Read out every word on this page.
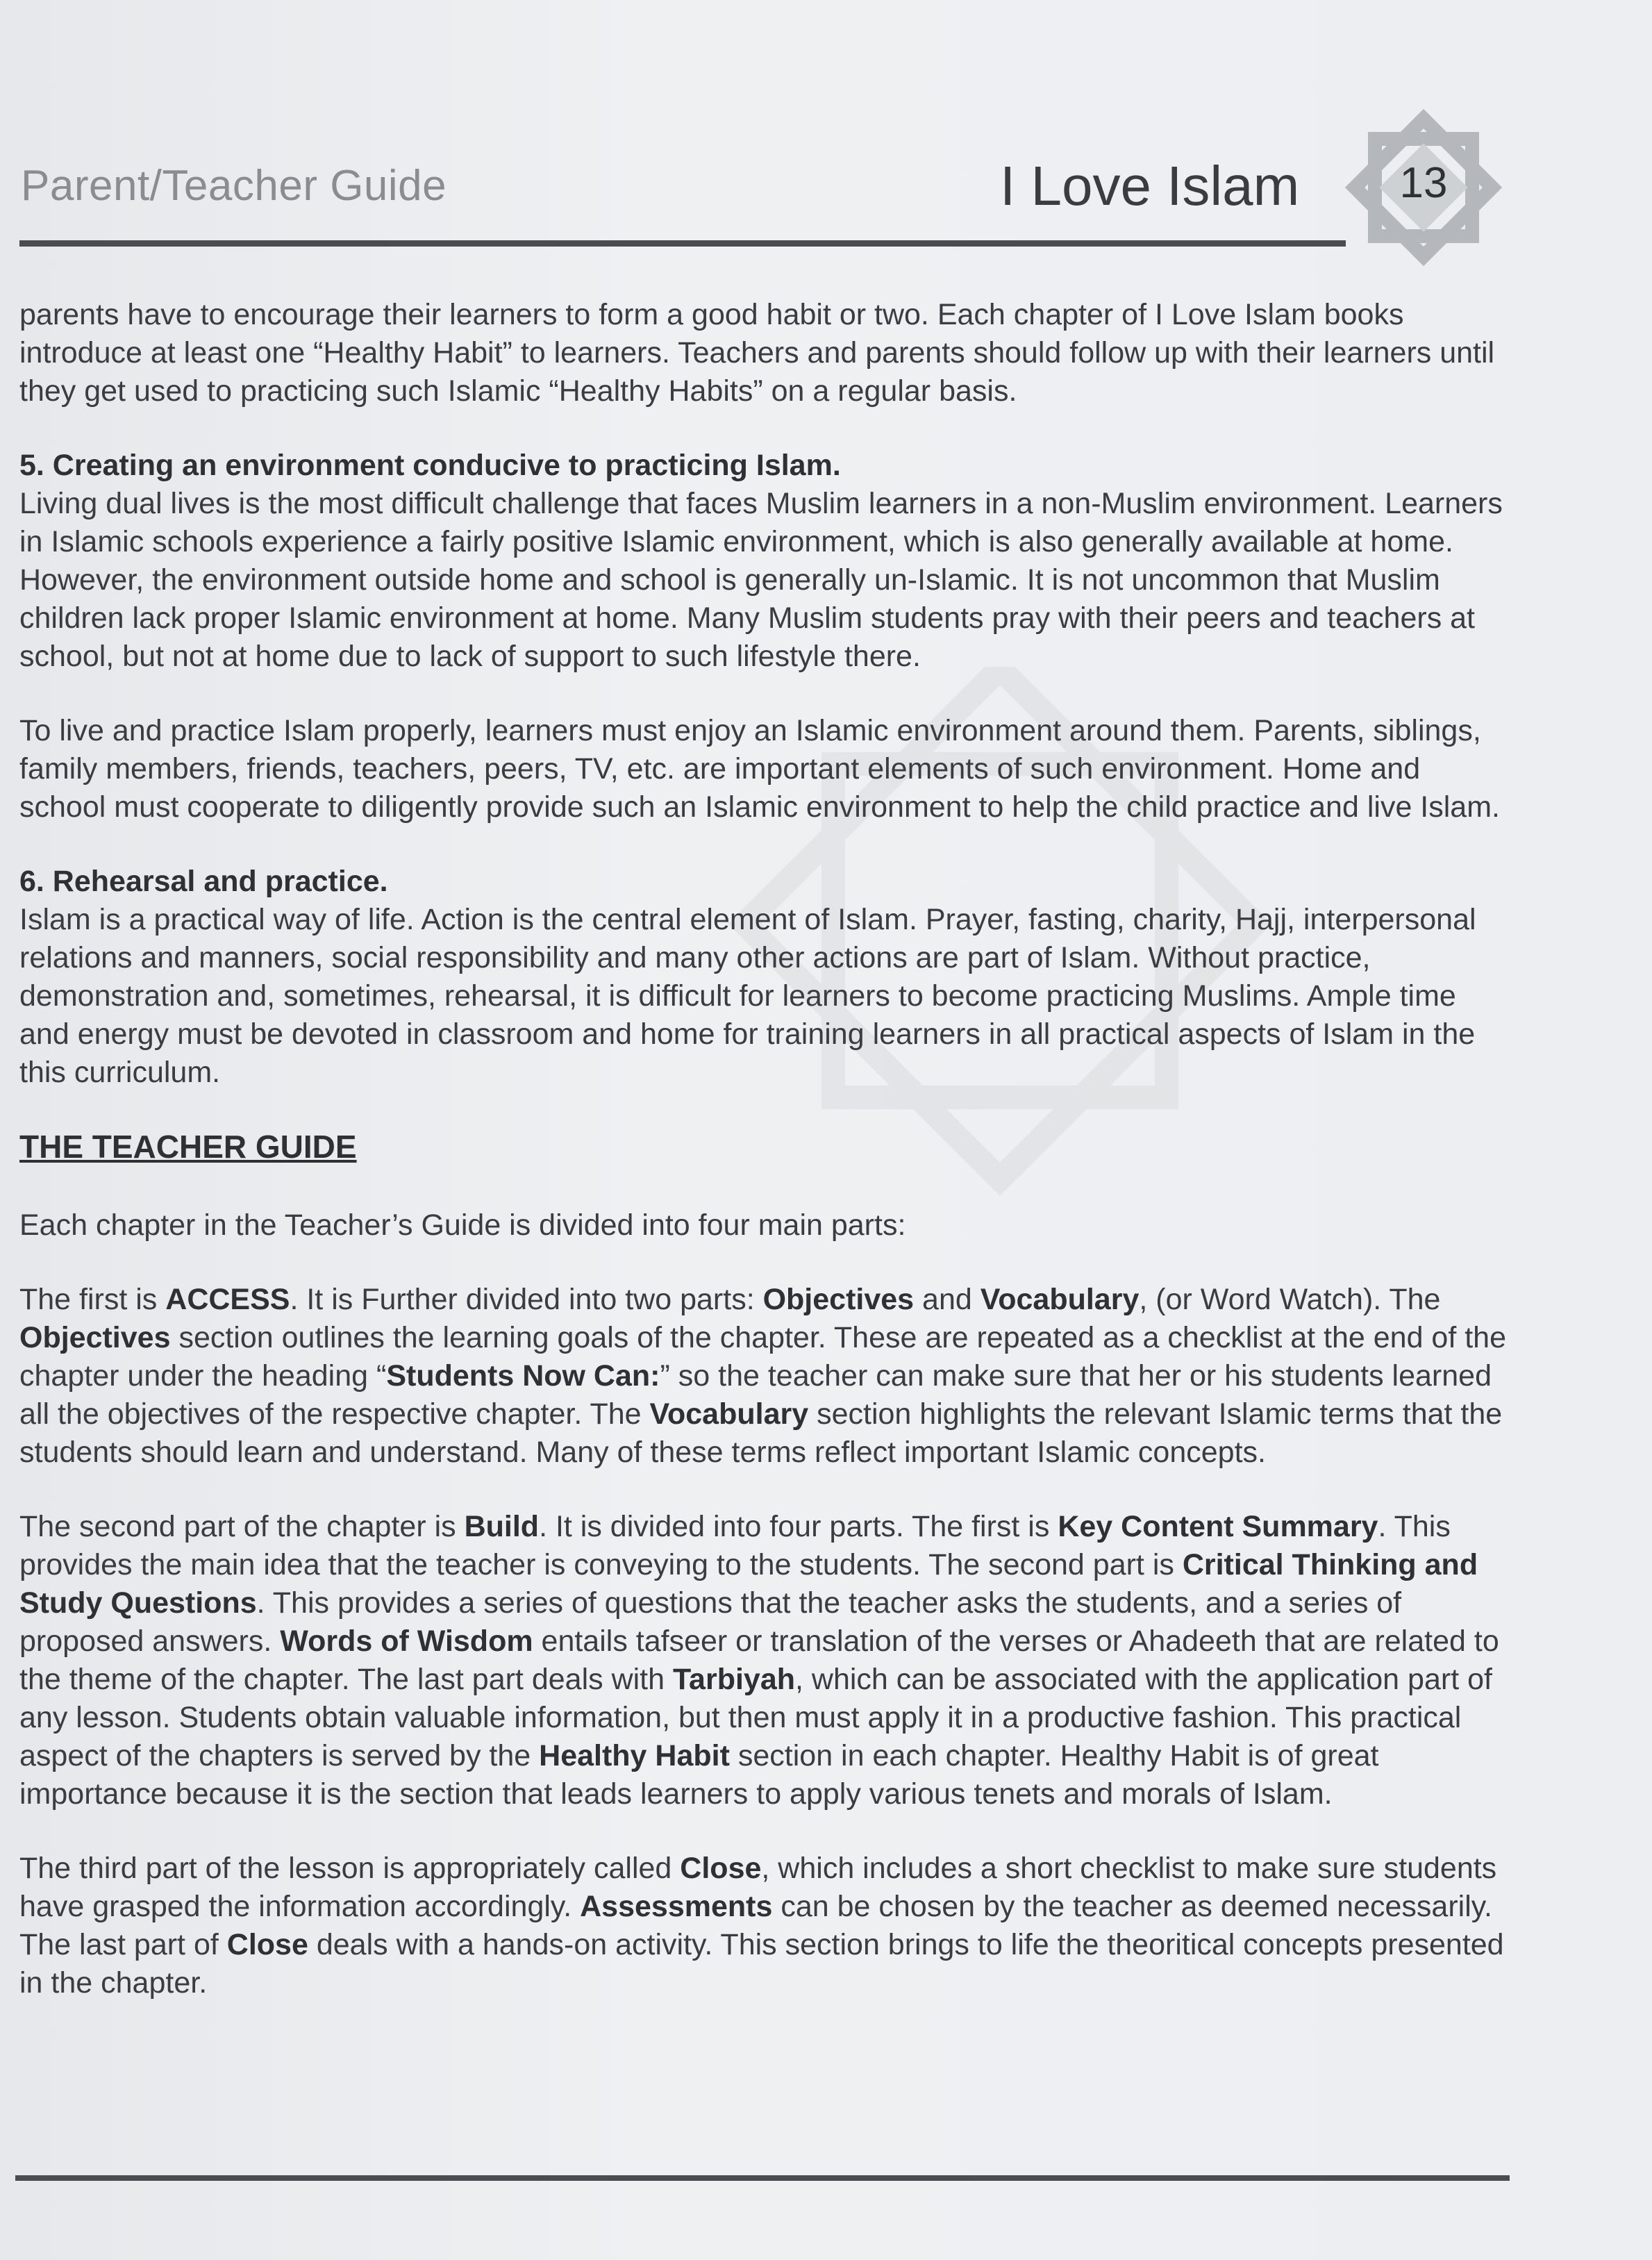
Parent/Teacher Guide	I Love Islam 13

parents have to encourage their learners to form a good habit or two. Each chapter of I Love Islam books introduce at least one “Healthy Habit” to learners. Teachers and parents should follow up with their learners until they get used to practicing such Islamic “Healthy Habits” on a regular basis.

5. Creating an environment conducive to practicing Islam.

Living dual lives is the most difficult challenge that faces Muslim learners in a non-Muslim environment. Learners in Islamic schools experience a fairly positive Islamic environment, which is also generally available at home. However, the environment outside home and school is generally un-Islamic. It is not uncommon that Muslim children lack proper Islamic environment at home. Many Muslim students pray with their peers and teachers at school, but not at home due to lack of support to such lifestyle there.

To live and practice Islam properly, learners must enjoy an Islamic environment around them. Parents, siblings, family members, friends, teachers, peers, TV, etc. are important elements of such environment. Home and school must cooperate to diligently provide such an Islamic environment to help the child practice and live Islam.

6. Rehearsal and practice.

Islam is a practical way of life. Action is the central element of Islam. Prayer, fasting, charity, Hajj, interpersonal relations and manners, social responsibility and many other actions are part of Islam. Without practice, demonstration and, sometimes, rehearsal, it is difficult for learners to become practicing Muslims. Ample time and energy must be devoted in classroom and home for training learners in all practical aspects of Islam in the this curriculum.

THE TEACHER GUIDE

Each chapter in the Teacher’s Guide is divided into four main parts:

The first is ACCESS. It is Further divided into two parts: Objectives and Vocabulary, (or Word Watch). The Objectives section outlines the learning goals of the chapter. These are repeated as a checklist at the end of the chapter under the heading “Students Now Can:” so the teacher can make sure that her or his students learned all the objectives of the respective chapter. The Vocabulary section highlights the relevant Islamic terms that the students should learn and understand. Many of these terms reflect important Islamic concepts.

The second part of the chapter is Build. It is divided into four parts. The first is Key Content Summary. This provides the main idea that the teacher is conveying to the students. The second part is Critical Thinking and Study Questions. This provides a series of questions that the teacher asks the students, and a series of proposed answers. Words of Wisdom entails tafseer or translation of the verses or Ahadeeth that are related to the theme of the chapter. The last part deals with Tarbiyah, which can be associated with the application part of any lesson. Students obtain valuable information, but then must apply it in a productive fashion. This practical aspect of the chapters is served by the Healthy Habit section in each chapter. Healthy Habit is of great importance because it is the section that leads learners to apply various tenets and morals of Islam.

The third part of the lesson is appropriately called Close, which includes a short checklist to make sure students have grasped the information accordingly. Assessments can be chosen by the teacher as deemed necessarily. The last part of Close deals with a hands-on activity. This section brings to life the theoritical concepts presented in the chapter.
